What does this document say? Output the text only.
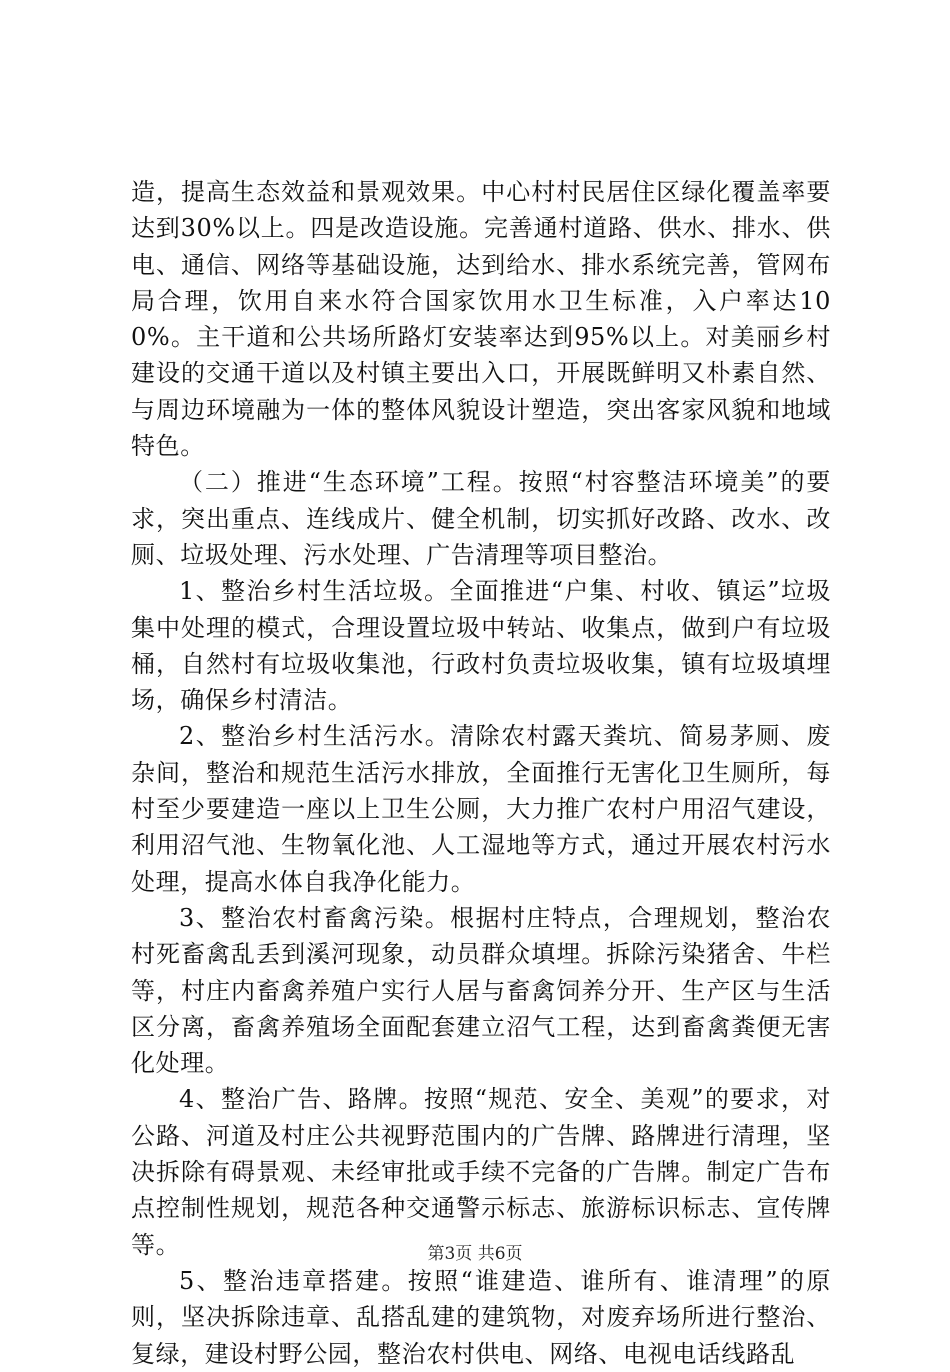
造，提高生态效益和景观效果。中心村村民居住区绿化覆盖率要达到30%以上。四是改造设施。完善通村道路、供水、排水、供电、通信、网络等基础设施，达到给水、排水系统完善，管网布局合理，饮用自来水符合国家饮用水卫生标准，入户率达100%。主干道和公共场所路灯安装率达到95%以上。对美丽乡村建设的交通干道以及村镇主要出入口，开展既鲜明又朴素自然、与周边环境融为一体的整体风貌设计塑造，突出客家风貌和地域特色。

（二）推进“生态环境”工程。按照“村容整洁环境美”的要求，突出重点、连线成片、健全机制，切实抓好改路、改水、改厕、垃圾处理、污水处理、广告清理等项目整治。

1、整治乡村生活垃圾。全面推进“户集、村收、镇运”垃圾集中处理的模式，合理设置垃圾中转站、收集点，做到户有垃圾桶，自然村有垃圾收集池，行政村负责垃圾收集，镇有垃圾填埋场，确保乡村清洁。

2、整治乡村生活污水。清除农村露天粪坑、简易茅厕、废杂间，整治和规范生活污水排放，全面推行无害化卫生厕所，每村至少要建造一座以上卫生公厕，大力推广农村户用沼气建设，利用沼气池、生物氧化池、人工湿地等方式，通过开展农村污水处理，提高水体自我净化能力。

3、整治农村畜禽污染。根据村庄特点，合理规划，整治农村死畜禽乱丢到溪河现象，动员群众填埋。拆除污染猪舍、牛栏等，村庄内畜禽养殖户实行人居与畜禽饲养分开、生产区与生活区分离，畜禽养殖场全面配套建立沼气工程，达到畜禽粪便无害化处理。

4、整治广告、路牌。按照“规范、安全、美观”的要求，对公路、河道及村庄公共视野范围内的广告牌、路牌进行清理，坚决拆除有碍景观、未经审批或手续不完备的广告牌。制定广告布点控制性规划，规范各种交通警示标志、旅游标识标志、宣传牌等。

5、整治违章搭建。按照“谁建造、谁所有、谁清理”的原则，坚决拆除违章、乱搭乱建的建筑物，对废弃场所进行整治、复绿，建设村野公园，整治农村供电、网络、电视电话线路乱

第3页 共6页
